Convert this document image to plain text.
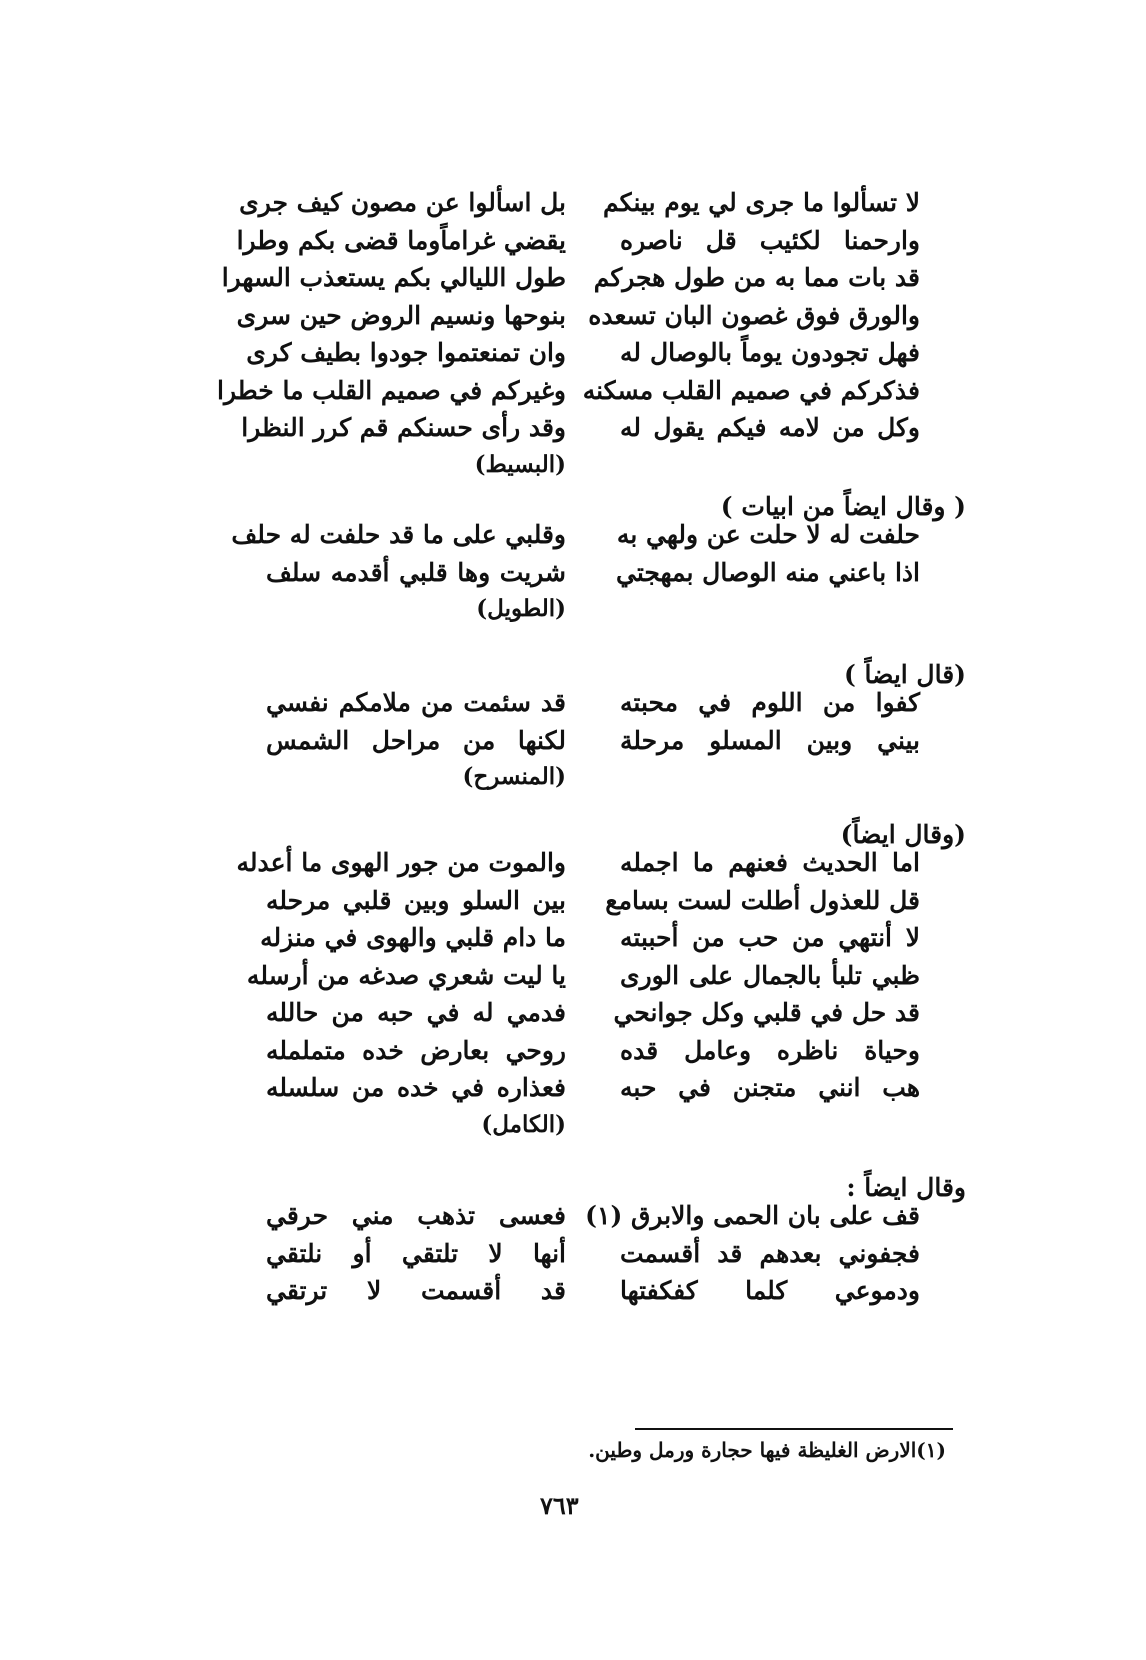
لا تسألوا ما جرى لي يوم بينكم
بل اسألوا عن مصون كيف جرى
وارحمنا لكئيب قل ناصره
يقضي غراماًوما قضى بكم وطرا
قد بات مما به من طول هجركم
طول الليالي بكم يستعذب السهرا
والورق فوق غصون البان تسعده
بنوحها ونسيم الروض حين سرى
فهل تجودون يوماً بالوصال له
وان تمنعتموا جودوا بطيف كرى
فذكركم في صميم القلب مسكنه
وغيركم في صميم القلب ما خطرا
وكل من لامه فيكم يقول له
وقد رأى حسنكم قم كرر النظرا
(البسيط)
( وقال ايضاً من ابيات )
حلفت له لا حلت عن ولهي به
وقلبي على ما قد حلفت له حلف
اذا باعني منه الوصال بمهجتي
شريت وها قلبي أقدمه سلف
(الطويل)
(قال ايضاً )
كفوا من اللوم في محبته
قد سئمت من ملامكم نفسي
بيني وبين المسلو مرحلة
لكنها من مراحل الشمس
(المنسرح)
(وقال ايضاً)
اما الحديث فعنهم ما اجمله
والموت من جور الهوى ما أعدله
قل للعذول أطلت لست بسامع
بين السلو وبين قلبي مرحله
لا أنتهي من حب من أحببته
ما دام قلبي والهوى في منزله
ظبي تلبأ بالجمال على الورى
يا ليت شعري صدغه من أرسله
قد حل في قلبي وكل جوانحي
فدمي له في حبه من حالله
وحياة ناظره وعامل قده
روحي بعارض خده متململه
هب انني متجنن في حبه
فعذاره في خده من سلسله
(الكامل)
وقال ايضاً :
قف على بان الحمى والابرق (١)
فعسى تذهب مني حرقي
فجفوني بعدهم قد أقسمت
أنها لا تلتقي أو نلتقي
ودموعي كلما كفكفتها
قد أقسمت لا ترتقي
(١)الارض الغليظة فيها حجارة ورمل وطين.
٧٦٣
